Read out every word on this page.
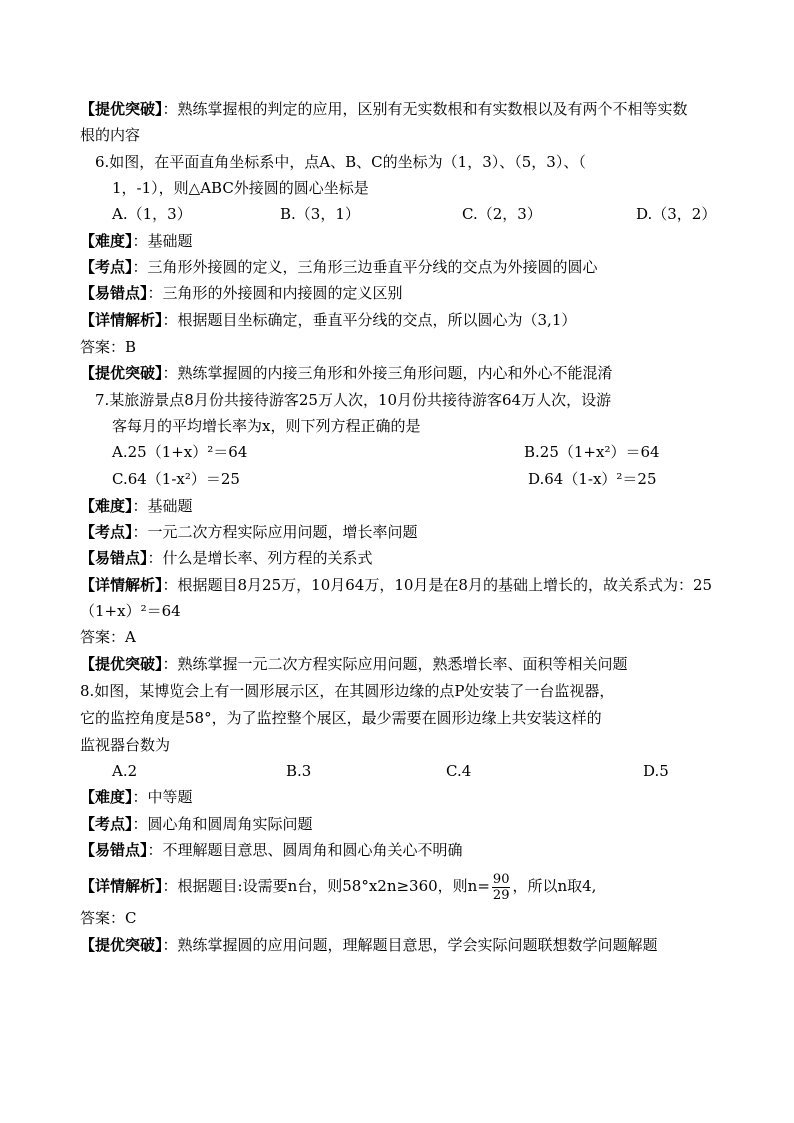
【提优突破】：熟练掌握根的判定的应用，区别有无实数根和有实数根以及有两个不相等实数
根的内容
6.如图，在平面直角坐标系中，点A、B、C的坐标为（1，3）、（5，3）、（
1，-1），则△ABC外接圆的圆心坐标是
A.（1，3）	B.（3，1）	C.（2，3）	D.（3，2）
【难度】：基础题
【考点】：三角形外接圆的定义，三角形三边垂直平分线的交点为外接圆的圆心
【易错点】：三角形的外接圆和内接圆的定义区别
【详情解析】：根据题目坐标确定，垂直平分线的交点，所以圆心为（3,1）
答案：B
【提优突破】：熟练掌握圆的内接三角形和外接三角形问题，内心和外心不能混淆
7.某旅游景点8月份共接待游客25万人次，10月份共接待游客64万人次，设游
客每月的平均增长率为x，则下列方程正确的是
A.25（1+x）²＝64	B.25（1+x²）＝64
C.64（1-x²）＝25	D.64（1-x）²＝25
【难度】：基础题
【考点】：一元二次方程实际应用问题，增长率问题
【易错点】：什么是增长率、列方程的关系式
【详情解析】：根据题目8月25万，10月64万，10月是在8月的基础上增长的，故关系式为：25
（1+x）²＝64
答案：A
【提优突破】：熟练掌握一元二次方程实际应用问题，熟悉增长率、面积等相关问题
8.如图，某博览会上有一圆形展示区，在其圆形边缘的点P处安装了一台监视器，
它的监控角度是58°，为了监控整个展区，最少需要在圆形边缘上共安装这样的
监视器台数为
A.2	B.3	C.4	D.5
【难度】：中等题
【考点】：圆心角和圆周角实际问题
【易错点】：不理解题目意思、圆周角和圆心角关心不明确
【详情解析】：根据题目:设需要n台，则58°x2n≥360，则$n= \frac{90}{29}$ ，所以n取4,
答案：C
【提优突破】：熟练掌握圆的应用问题，理解题目意思，学会实际问题联想数学问题解题
